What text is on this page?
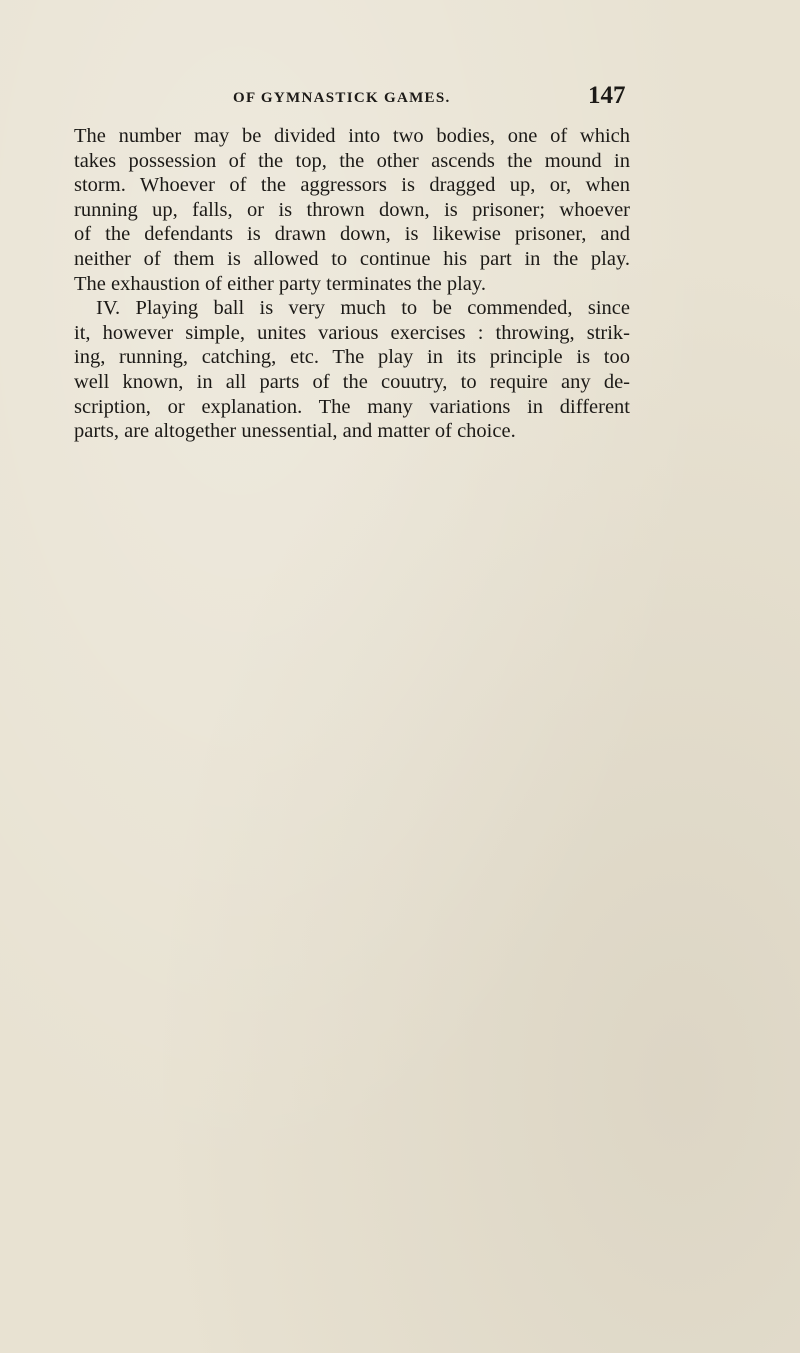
OF GYMNASTICK GAMES.	147
The number may be divided into two bodies, one of which
takes possession of the top, the other ascends the mound in
storm. Whoever of the aggressors is dragged up, or, when
running up, falls, or is thrown down, is prisoner; whoever
of the defendants is drawn down, is likewise prisoner, and
neither of them is allowed to continue his part in the play.
The exhaustion of either party terminates the play.
IV. Playing ball is very much to be commended, since
it, however simple, unites various exercises : throwing, strik-
ing, running, catching, etc. The play in its principle is too
well known, in all parts of the couutry, to require any de-
scription, or explanation. The many variations in different
parts, are altogether unessential, and matter of choice.
